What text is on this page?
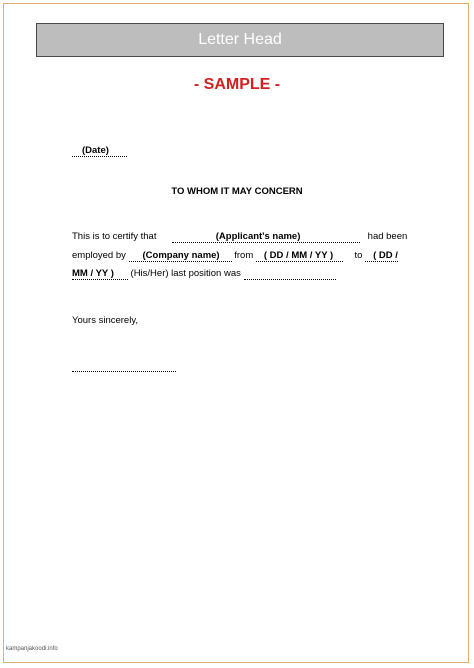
Letter Head
- SAMPLE -
(Date)
TO WHOM IT MAY CONCERN
This is to certify that	(Applicant's name)	had been
employed by (Company name) from ( DD / MM / YY ) to ( DD /
MM / YY ) (His/Her) last position was
Yours sincerely,
kampanjakoodi.info
